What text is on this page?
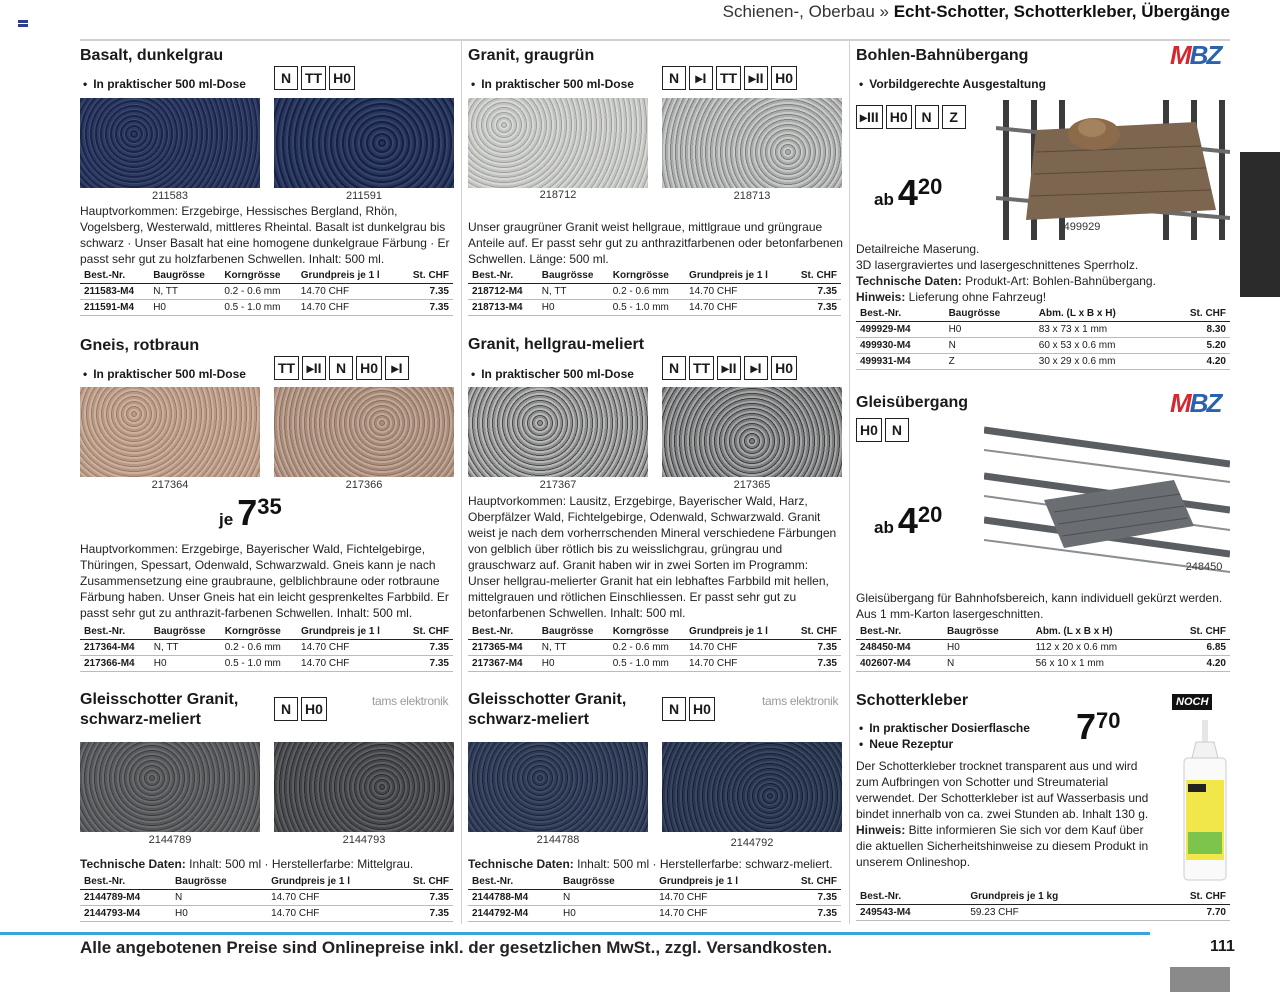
Schienen-, Oberbau » Echt-Schotter, Schotterkleber, Übergänge
Basalt, dunkelgrau
• In praktischer 500 ml-Dose	N TT H0
211583	211591
Hauptvorkommen: Erzgebirge, Hessisches Bergland, Rhön, Vogelsberg, Westerwald, mittleres Rheintal. Basalt ist dunkelgrau bis schwarz · Unser Basalt hat eine homogene dunkelgraue Färbung · Er passt sehr gut zu holzfarbenen Schwellen. Inhalt: 500 ml.
Best.-Nr.	Baugrösse	Korngrösse	Grundpreis je 1 l	St. CHF
211583-M4	N, TT	0.2 - 0.6 mm	14.70 CHF	7.35
211591-M4	H0	0.5 - 1.0 mm	14.70 CHF	7.35
Granit, graugrün
• In praktischer 500 ml-Dose	N	▸I TT ▸II H0
218712	218713
Unser graugrüner Granit weist hellgraue, mittlgraue und grüngraue Anteile auf. Er passt sehr gut zu anthrazitfarbenen oder betonfarbenen Schwellen. Länge: 500 ml.
Best.-Nr.	Baugrösse	Korngrösse	Grundpreis je 1 l	St. CHF
218712-M4	N, TT	0.2 - 0.6 mm	14.70 CHF	7.35
218713-M4	H0	0.5 - 1.0 mm	14.70 CHF	7.35
Gneis, rotbraun
• In praktischer 500 ml-Dose	TT ▸II	N H0 ▸I
217364	217366
je $7^{35}$
Hauptvorkommen: Erzgebirge, Bayerischer Wald, Fichtelgebirge, Thüringen, Spessart, Odenwald, Schwarzwald. Gneis kann je nach Zusammensetzung eine graubraune, gelblichbraune oder rotbraune Färbung haben. Unser Gneis hat ein leicht gesprenkeltes Farbbild. Er passt sehr gut zu anthrazit-farbenen Schwellen. Inhalt: 500 ml.
Best.-Nr.	Baugrösse	Korngrösse	Grundpreis je 1 l	St. CHF
217364-M4	N, TT	0.2 - 0.6 mm	14.70 CHF	7.35
217366-M4	H0	0.5 - 1.0 mm	14.70 CHF	7.35
Granit, hellgrau-meliert
• In praktischer 500 ml-Dose	N TT ▸II	▸I H0
217367	217365
Hauptvorkommen: Lausitz, Erzgebirge, Bayerischer Wald, Harz, Oberpfälzer Wald, Fichtelgebirge, Odenwald, Schwarzwald. Granit weist je nach dem vorherrschenden Mineral verschiedene Färbungen von gelblich über rötlich bis zu weisslichgrau, grüngrau und grauschwarz auf. Granit haben wir in zwei Sorten im Programm: Unser hellgrau-melierter Granit hat ein lebhaftes Farbbild mit hellen, mittelgrauen und rötlichen Einschliessen. Er passt sehr gut zu betonfarbenen Schwellen. Inhalt: 500 ml.
Best.-Nr.	Baugrösse	Korngrösse	Grundpreis je 1 l	St. CHF
217365-M4	N, TT	0.2 - 0.6 mm	14.70 CHF	7.35
217367-M4	H0	0.5 - 1.0 mm	14.70 CHF	7.35
Gleisschotter Granit, schwarz-meliert
N H0	tams elektronik
2144789	2144793
Technische Daten: Inhalt: 500 ml · Herstellerfarbe: Mittelgrau.
Best.-Nr.	Baugrösse		Grundpreis je 1 l	St. CHF
2144789-M4	N		14.70 CHF	7.35
2144793-M4	H0		14.70 CHF	7.35
Gleisschotter Granit, schwarz-meliert
N H0	tams elektronik
2144788	2144792
Technische Daten: Inhalt: 500 ml · Herstellerfarbe: schwarz-meliert.
Best.-Nr.	Baugrösse		Grundpreis je 1 l	St. CHF
2144788-M4	N		14.70 CHF	7.35
2144792-M4	H0		14.70 CHF	7.35
Bohlen-Bahnübergang
• Vorbildgerechte Ausgestaltung
MBZ
▸III H0 N	Z
ab $4^{20}$
499929
Detailreiche Maserung.
3D lasergraviertes und lasergeschnittenes Sperrholz.
Technische Daten: Produkt-Art: Bohlen-Bahnübergang.
Hinweis: Lieferung ohne Fahrzeug!
Best.-Nr.	Baugrösse	Abm. (L x B x H)	St. CHF
499929-M4	H0	83 x 73 x 1 mm	8.30
499930-M4	N	60 x 53 x 0.6 mm	5.20
499931-M4	Z	30 x 29 x 0.6 mm	4.20
Gleisübergang	MBZ
H0 N
ab $4^{20}$
248450
Gleisübergang für Bahnhofsbereich, kann individuell gekürzt werden. Aus 1 mm-Karton lasergeschnitten.
Best.-Nr.	Baugrösse	Abm. (L x B x H)	St. CHF
248450-M4	H0	112 x 20 x 0.6 mm	6.85
402607-M4	N	56 x 10 x 1 mm	4.20
Schotterkleber
• In praktischer Dosierflasche
• Neue Rezeptur
NOCH
$7^{70}$
Der Schotterkleber trocknet transparent aus und wird zum Aufbringen von Schotter und Streumaterial verwendet. Der Schotterkleber ist auf Wasserbasis und bindet innerhalb von ca. zwei Stunden ab. Inhalt 130 g.
Hinweis: Bitte informieren Sie sich vor dem Kauf über die aktuellen Sicherheitshinweise zu diesem Produkt in unserem Onlineshop.
Best.-Nr.	Grundpreis je 1 kg	St. CHF
249543-M4	59.23 CHF	7.70
Alle angebotenen Preise sind Onlinepreise inkl. der gesetzlichen MwSt., zzgl. Versandkosten.	111
